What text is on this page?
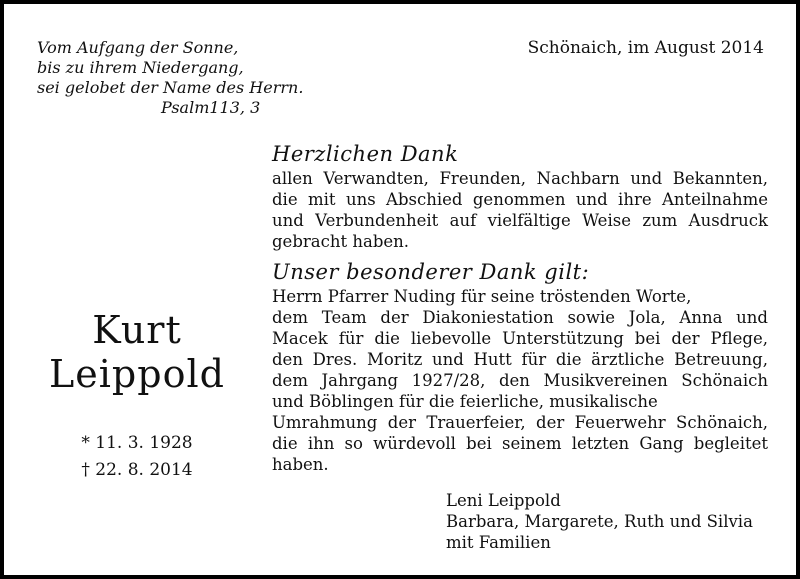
Vom Aufgang der Sonne,
bis zu ihrem Niedergang,
sei gelobet der Name des Herrn.
Psalm113, 3
Schönaich, im August 2014
Kurt
Leippold
* 11. 3. 1928
† 22. 8. 2014
Herzlichen Dank
allen Verwandten, Freunden, Nachbarn und Bekannten,
die mit uns Abschied genommen und ihre Anteilnahme
und Verbundenheit auf vielfältige Weise zum Ausdruck
gebracht haben.
Unser besonderer Dank gilt:
Herrn Pfarrer Nuding für seine tröstenden Worte,
dem Team der Diakoniestation sowie Jola, Anna und
Macek für die liebevolle Unterstützung bei der Pflege,
den Dres. Moritz und Hutt für die ärztliche Betreuung,
dem Jahrgang 1927/28, den Musikvereinen Schönaich
und Böblingen für die feierliche, musikalische
Umrahmung der Trauerfeier, der Feuerwehr Schönaich,
die ihn so würdevoll bei seinem letzten Gang begleitet
haben.
Leni Leippold
Barbara, Margarete, Ruth und Silvia
mit Familien
